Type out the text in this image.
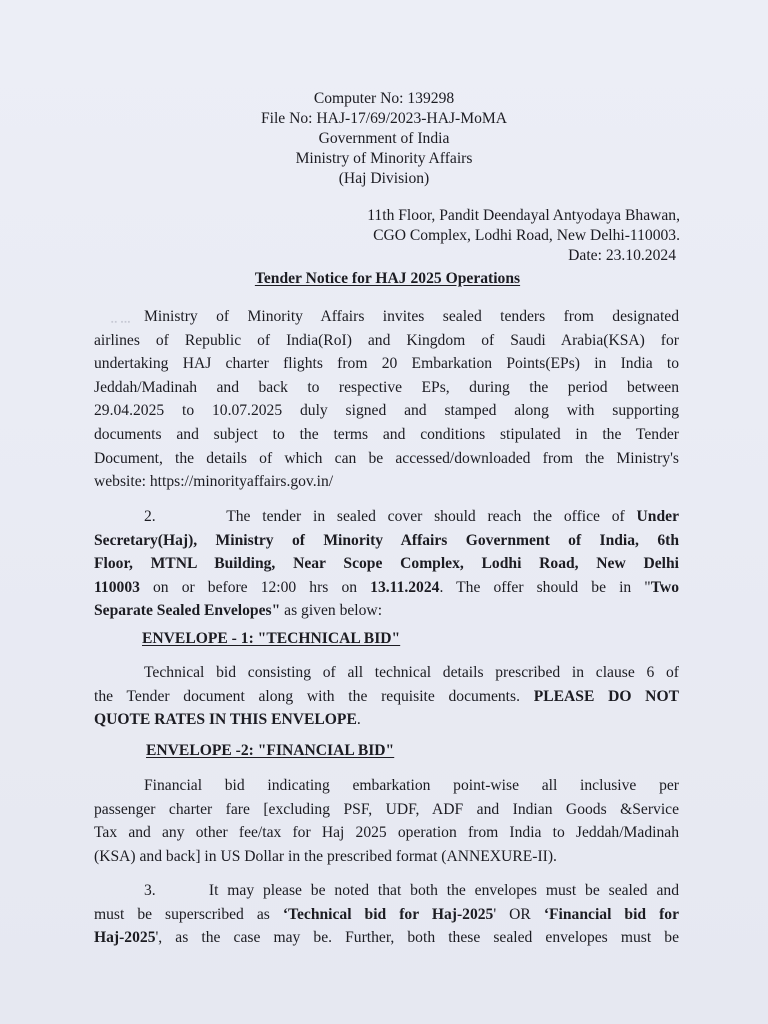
▪▪ ▪▪▪
Computer No: 139298
File No: HAJ-17/69/2023-HAJ-MoMA
Government of India
Ministry of Minority Affairs
(Haj Division)
11th Floor, Pandit Deendayal Antyodaya Bhawan,
CGO Complex, Lodhi Road, New Delhi-110003.
Date: 23.10.2024
Tender Notice for HAJ 2025 Operations
Ministry of Minority Affairs invites sealed tenders from designated
airlines of Republic of India(RoI) and Kingdom of Saudi Arabia(KSA) for
undertaking HAJ charter flights from 20 Embarkation Points(EPs) in India to
Jeddah/Madinah and back to respective EPs, during the period between
29.04.2025 to 10.07.2025 duly signed and stamped along with supporting
documents and subject to the terms and conditions stipulated in the Tender
Document, the details of which can be accessed/downloaded from the Ministry's
website: https://minorityaffairs.gov.in/
2.      The tender in sealed cover should reach the office of Under
Secretary(Haj), Ministry of Minority Affairs Government of India, 6th
Floor, MTNL Building, Near Scope Complex, Lodhi Road, New Delhi
110003 on or before 12:00 hrs on 13.11.2024. The offer should be in "Two
Separate Sealed Envelopes" as given below:
ENVELOPE - 1: "TECHNICAL BID"
Technical bid consisting of all technical details prescribed in clause 6 of
the Tender document along with the requisite documents. PLEASE DO NOT
QUOTE RATES IN THIS ENVELOPE.
ENVELOPE -2: "FINANCIAL BID"
Financial bid indicating embarkation point-wise all inclusive per
passenger charter fare [excluding PSF, UDF, ADF and Indian Goods &Service
Tax and any other fee/tax for Haj 2025 operation from India to Jeddah/Madinah
(KSA) and back] in US Dollar in the prescribed format (ANNEXURE-II).
3.      It may please be noted that both the envelopes must be sealed and
must be superscribed as ‘Technical bid for Haj-2025' OR ‘Financial bid for
Haj-2025', as the case may be. Further, both these sealed envelopes must be
